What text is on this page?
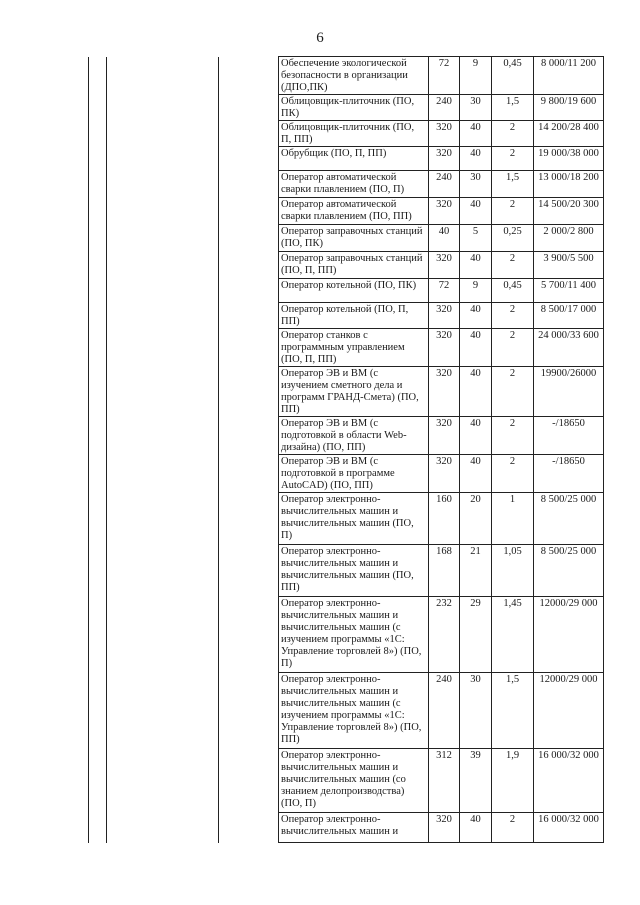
6
			Обеспечение экологической безопасности в организации (ДПО,ПК)	72	9	0,45	8 000/11 200
			Облицовщик-плиточник (ПО, ПК)	240	30	1,5	9 800/19 600
			Облицовщик-плиточник (ПО, П, ПП)	320	40	2	14 200/28 400
			Обрубщик (ПО, П, ПП)	320	40	2	19 000/38 000
			Оператор автоматической сварки плавлением (ПО, П)	240	30	1,5	13 000/18 200
			Оператор автоматической сварки плавлением (ПО, ПП)	320	40	2	14 500/20 300
			Оператор заправочных станций (ПО, ПК)	40	5	0,25	2 000/2 800
			Оператор заправочных станций (ПО, П, ПП)	320	40	2	3 900/5 500
			Оператор котельной (ПО, ПК)	72	9	0,45	5 700/11 400
			Оператор котельной (ПО, П, ПП)	320	40	2	8 500/17 000
			Оператор станков с программным управлением (ПО, П, ПП)	320	40	2	24 000/33 600
			Оператор ЭВ и ВМ (с изучением сметного дела и программ ГРАНД-Смета) (ПО, ПП)	320	40	2	19900/26000
			Оператор ЭВ и ВМ (с подготовкой в области Web-дизайна) (ПО, ПП)	320	40	2	-/18650
			Оператор ЭВ и ВМ (с подготовкой в программе AutoCAD) (ПО, ПП)	320	40	2	-/18650
			Оператор электронно-вычислительных машин и вычислительных машин (ПО, П)	160	20	1	8 500/25 000
			Оператор электронно-вычислительных машин и вычислительных машин (ПО, ПП)	168	21	1,05	8 500/25 000
			Оператор электронно-вычислительных машин и вычислительных машин (с изучением программы «1С: Управление торговлей 8») (ПО, П)	232	29	1,45	12000/29 000
			Оператор электронно-вычислительных машин и вычислительных машин (с изучением программы «1С: Управление торговлей 8») (ПО, ПП)	240	30	1,5	12000/29 000
			Оператор электронно-вычислительных машин и вычислительных машин (со знанием делопроизводства) (ПО, П)	312	39	1,9	16 000/32 000
			Оператор электронно-вычислительных машин и	320	40	2	16 000/32 000
